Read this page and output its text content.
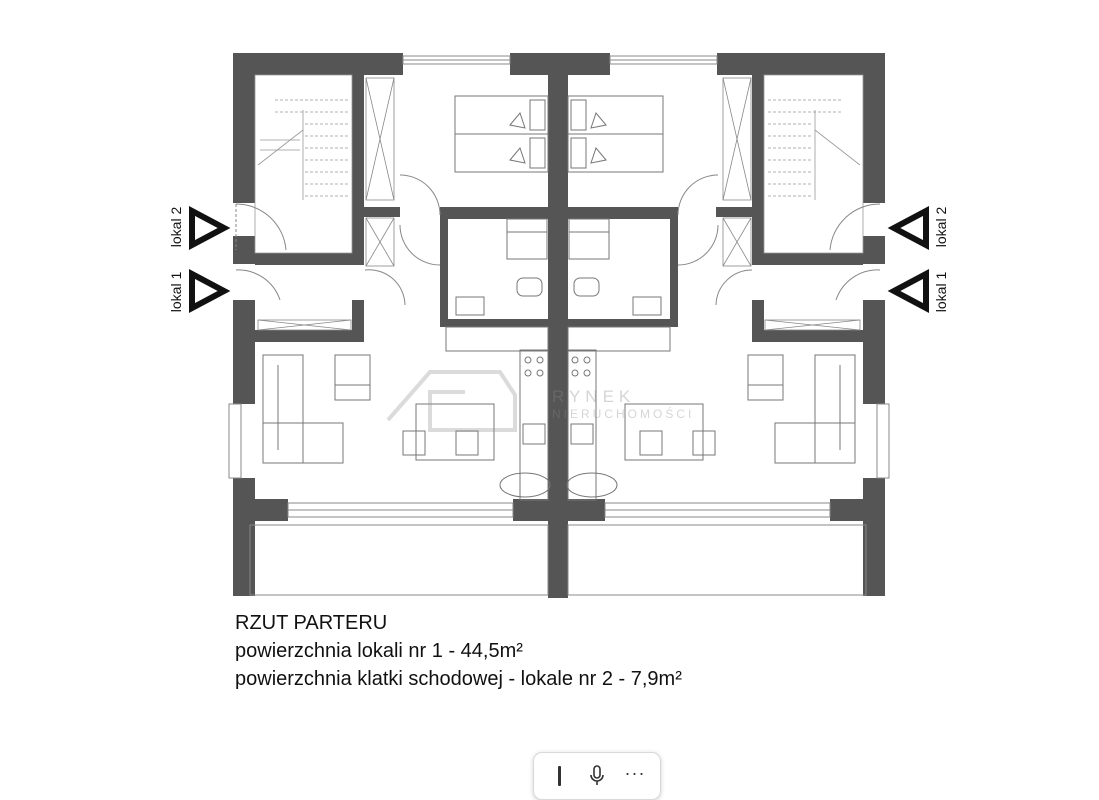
lokal 2
lokal 1
lokal 2
lokal 1
RYNEK
NIERUCHOMOŚCI
RZUT PARTERU
powierzchnia lokali nr 1 - 44,5m²
powierzchnia klatki schodowej - lokale nr 2 - 7,9m²
···
